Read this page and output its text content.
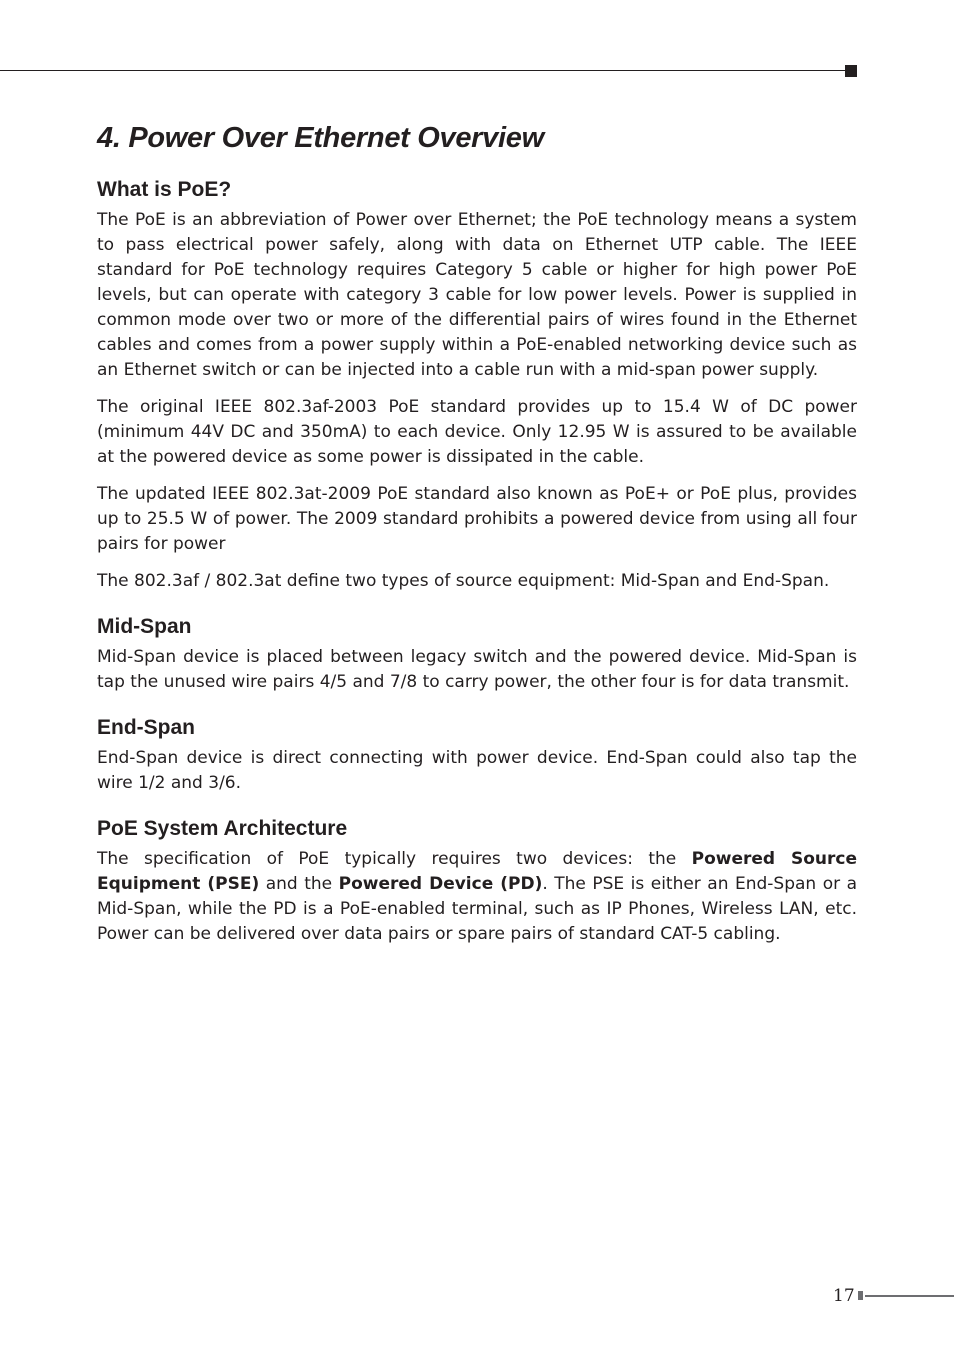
4. Power Over Ethernet Overview
What is PoE?

The PoE is an abbreviation of Power over Ethernet; the PoE technology means a system to pass electrical power safely, along with data on Ethernet UTP cable. The IEEE standard for PoE technology requires Category 5 cable or higher for high power PoE levels, but can operate with category 3 cable for low power levels. Power is supplied in common mode over two or more of the differential pairs of wires found in the Ethernet cables and comes from a power supply within a PoE-enabled networking device such as an Ethernet switch or can be injected into a cable run with a mid-span power supply.

The original IEEE 802.3af-2003 PoE standard provides up to 15.4 W of DC power (minimum 44V DC and 350mA) to each device. Only 12.95 W is assured to be available at the powered device as some power is dissipated in the cable.

The updated IEEE 802.3at-2009 PoE standard also known as PoE+ or PoE plus, provides up to 25.5 W of power. The 2009 standard prohibits a powered device from using all four pairs for power

The 802.3af / 802.3at define two types of source equipment: Mid-Span and End-Span.

Mid-Span

Mid-Span device is placed between legacy switch and the powered device. Mid-Span is tap the unused wire pairs 4/5 and 7/8 to carry power, the other four is for data transmit.

End-Span

End-Span device is direct connecting with power device. End-Span could also tap the wire 1/2 and 3/6.

PoE System Architecture

The specification of PoE typically requires two devices: the Powered Source Equipment (PSE) and the Powered Device (PD). The PSE is either an End-Span or a Mid-Span, while the PD is a PoE-enabled terminal, such as IP Phones, Wireless LAN, etc. Power can be delivered over data pairs or spare pairs of standard CAT-5 cabling.

17
